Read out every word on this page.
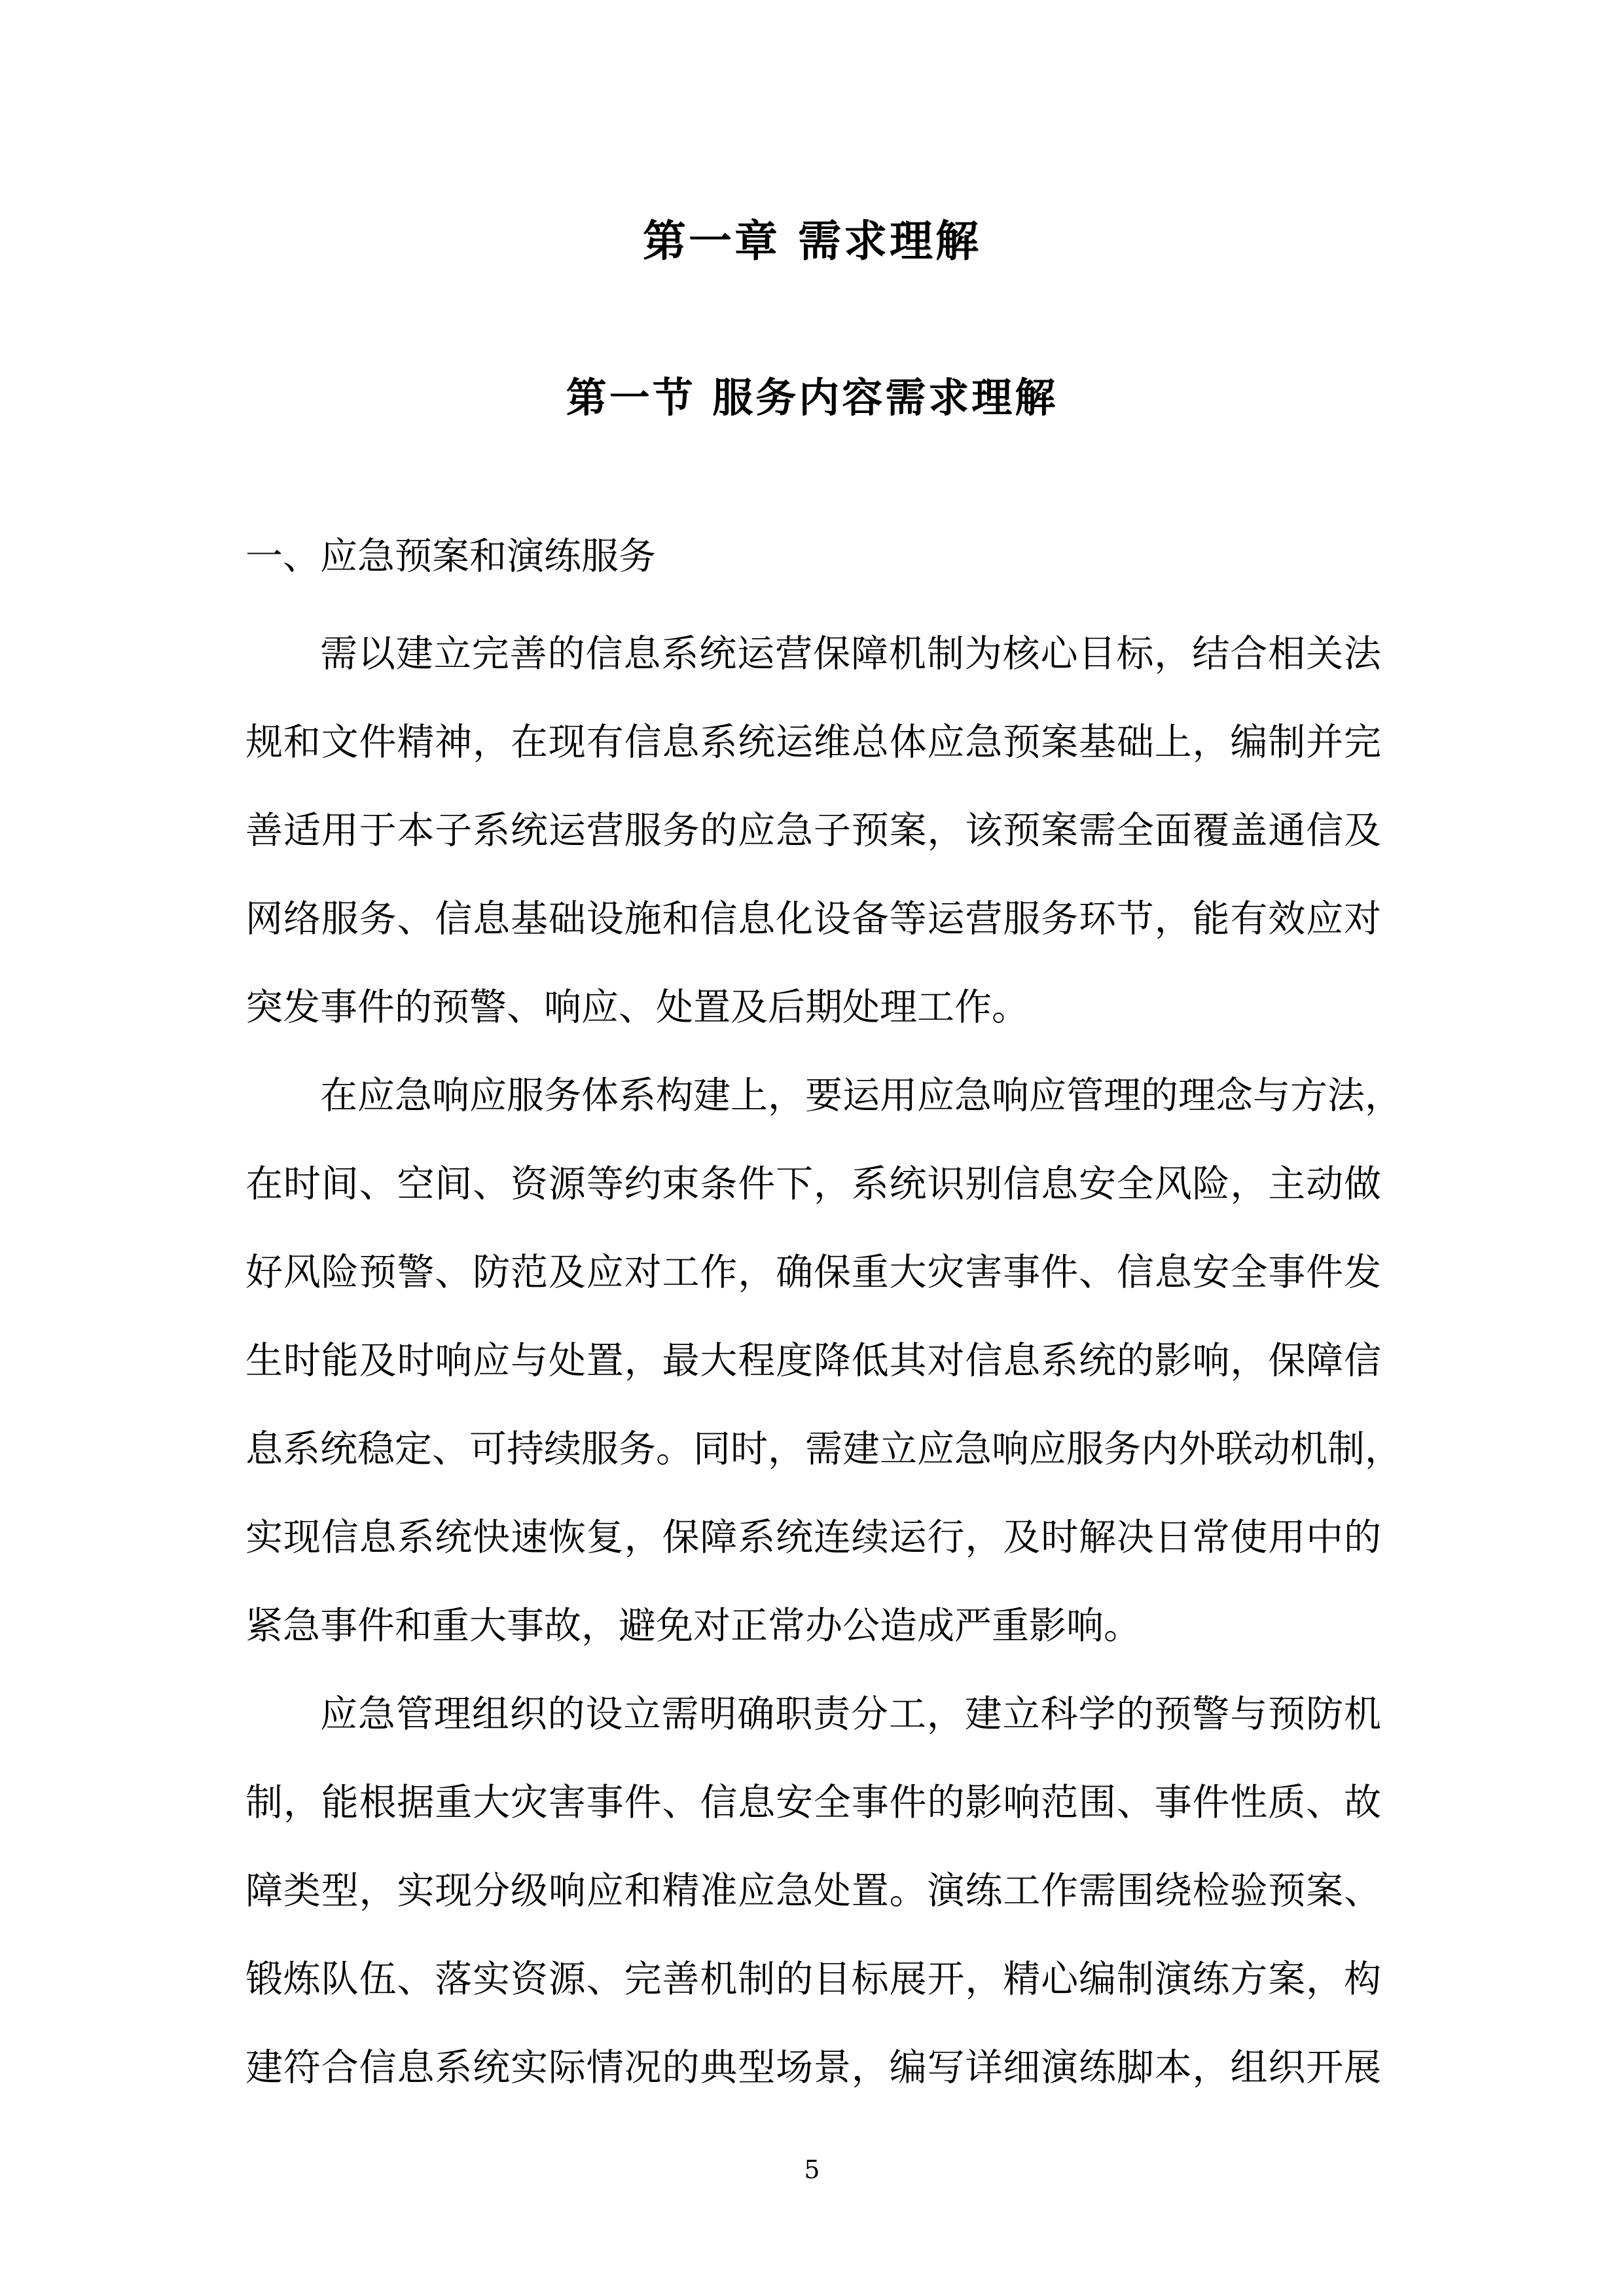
第一章 需求理解
第一节 服务内容需求理解

一、应急预案和演练服务

需以建立完善的信息系统运营保障机制为核心目标，结合相关法
规和文件精神，在现有信息系统运维总体应急预案基础上，编制并完
善适用于本子系统运营服务的应急子预案，该预案需全面覆盖通信及
网络服务、信息基础设施和信息化设备等运营服务环节，能有效应对
突发事件的预警、响应、处置及后期处理工作。
在应急响应服务体系构建上，要运用应急响应管理的理念与方法，
在时间、空间、资源等约束条件下，系统识别信息安全风险，主动做
好风险预警、防范及应对工作，确保重大灾害事件、信息安全事件发
生时能及时响应与处置，最大程度降低其对信息系统的影响，保障信
息系统稳定、可持续服务。同时，需建立应急响应服务内外联动机制，
实现信息系统快速恢复，保障系统连续运行，及时解决日常使用中的
紧急事件和重大事故，避免对正常办公造成严重影响。
应急管理组织的设立需明确职责分工，建立科学的预警与预防机
制，能根据重大灾害事件、信息安全事件的影响范围、事件性质、故
障类型，实现分级响应和精准应急处置。演练工作需围绕检验预案、
锻炼队伍、落实资源、完善机制的目标展开，精心编制演练方案，构
建符合信息系统实际情况的典型场景，编写详细演练脚本，组织开展

5
